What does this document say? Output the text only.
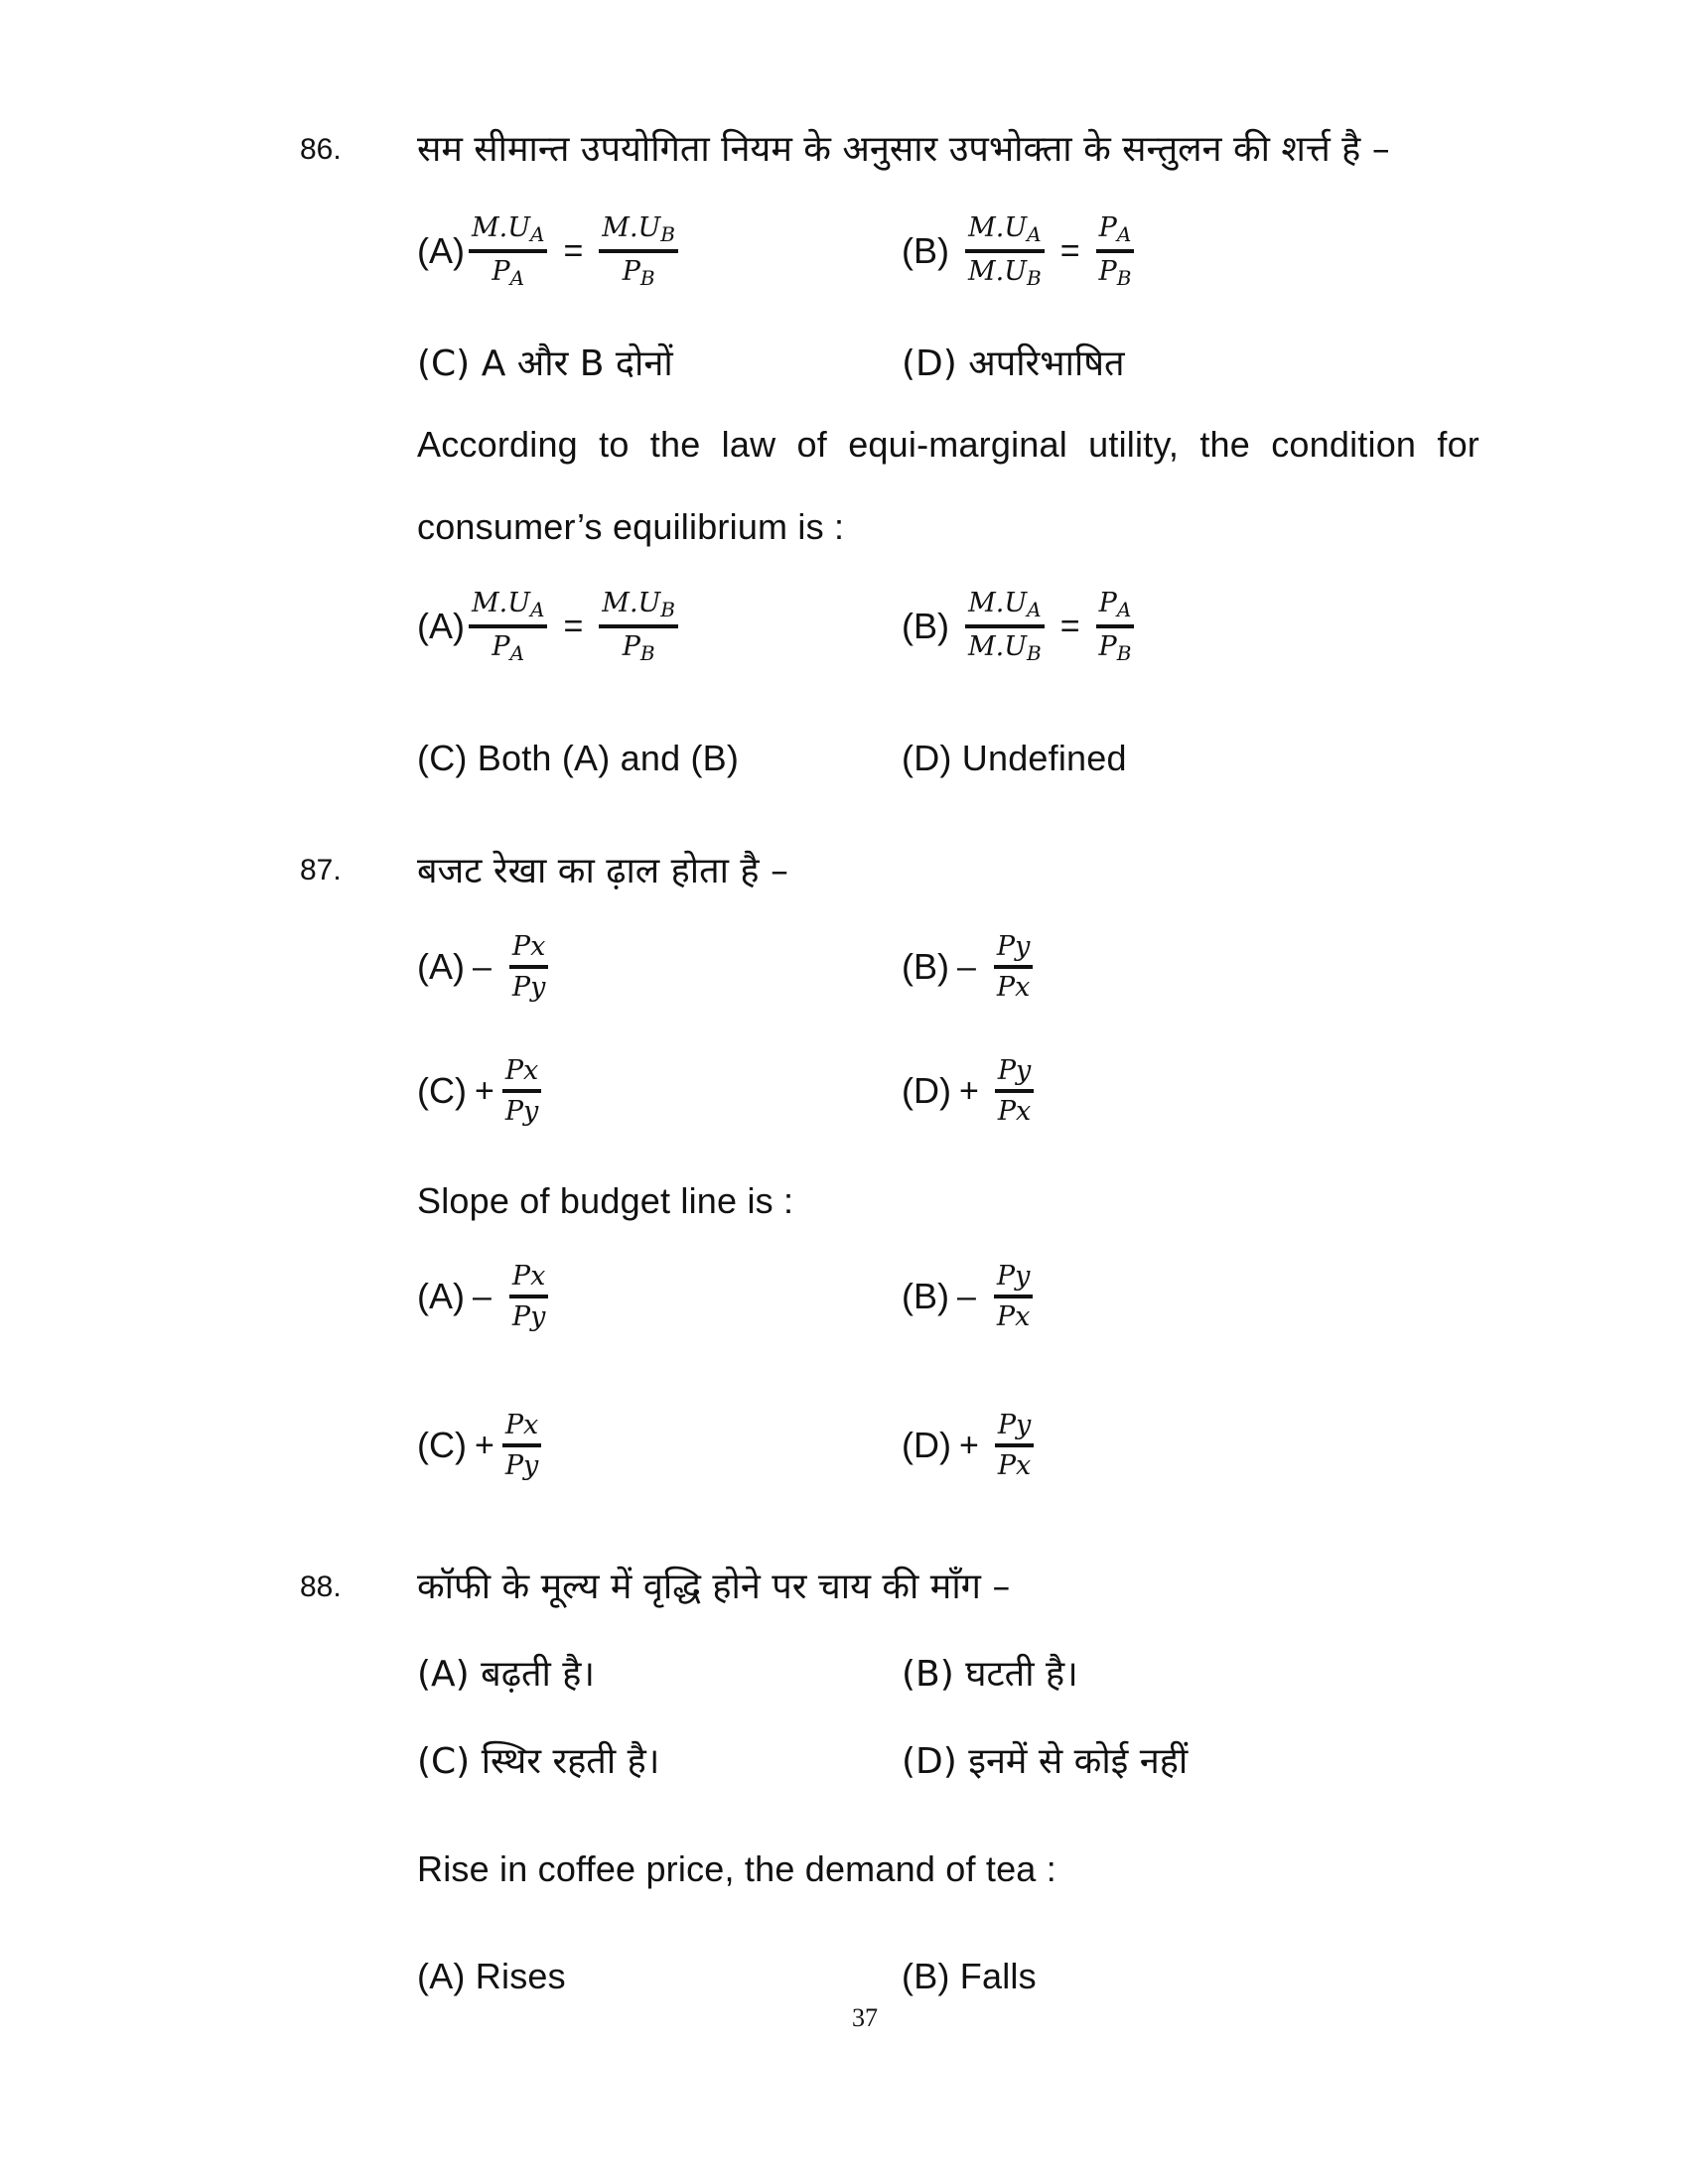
86. सम सीमान्त उपयोगिता नियम के अनुसार उपभोक्ता के सन्तुलन की शर्त्त है –
$(A) \frac{M.U_A}{P_A} = \frac{M.U_B}{P_B}$	$(B) \frac{M.U_A}{M.U_B} = \frac{P_A}{P_B}$
(C) A और B दोनों	(D) अपरिभाषित
According to the law of equi-marginal utility, the condition for
consumer’s equilibrium is :
$(A) \frac{M.U_A}{P_A} = \frac{M.U_B}{P_B}$	$(B) \frac{M.U_A}{M.U_B} = \frac{P_A}{P_B}$
(C) Both (A) and (B)	(D) Undefined
87. बजट रेखा का ढ़ाल होता है –
$(A) - \frac{Px}{Py}$	$(B) - \frac{Py}{Px}$
$(C) + \frac{Px}{Py}$	$(D) + \frac{Py}{Px}$
Slope of budget line is :
$(A) - \frac{Px}{Py}$	$(B) - \frac{Py}{Px}$
$(C) + \frac{Px}{Py}$	$(D) + \frac{Py}{Px}$
88. कॉफी के मूल्य में वृद्धि होने पर चाय की माँग –
(A) बढ़ती है।	(B) घटती है।
(C) स्थिर रहती है।	(D) इनमें से कोई नहीं
Rise in coffee price, the demand of tea :
(A) Rises	(B) Falls
37
